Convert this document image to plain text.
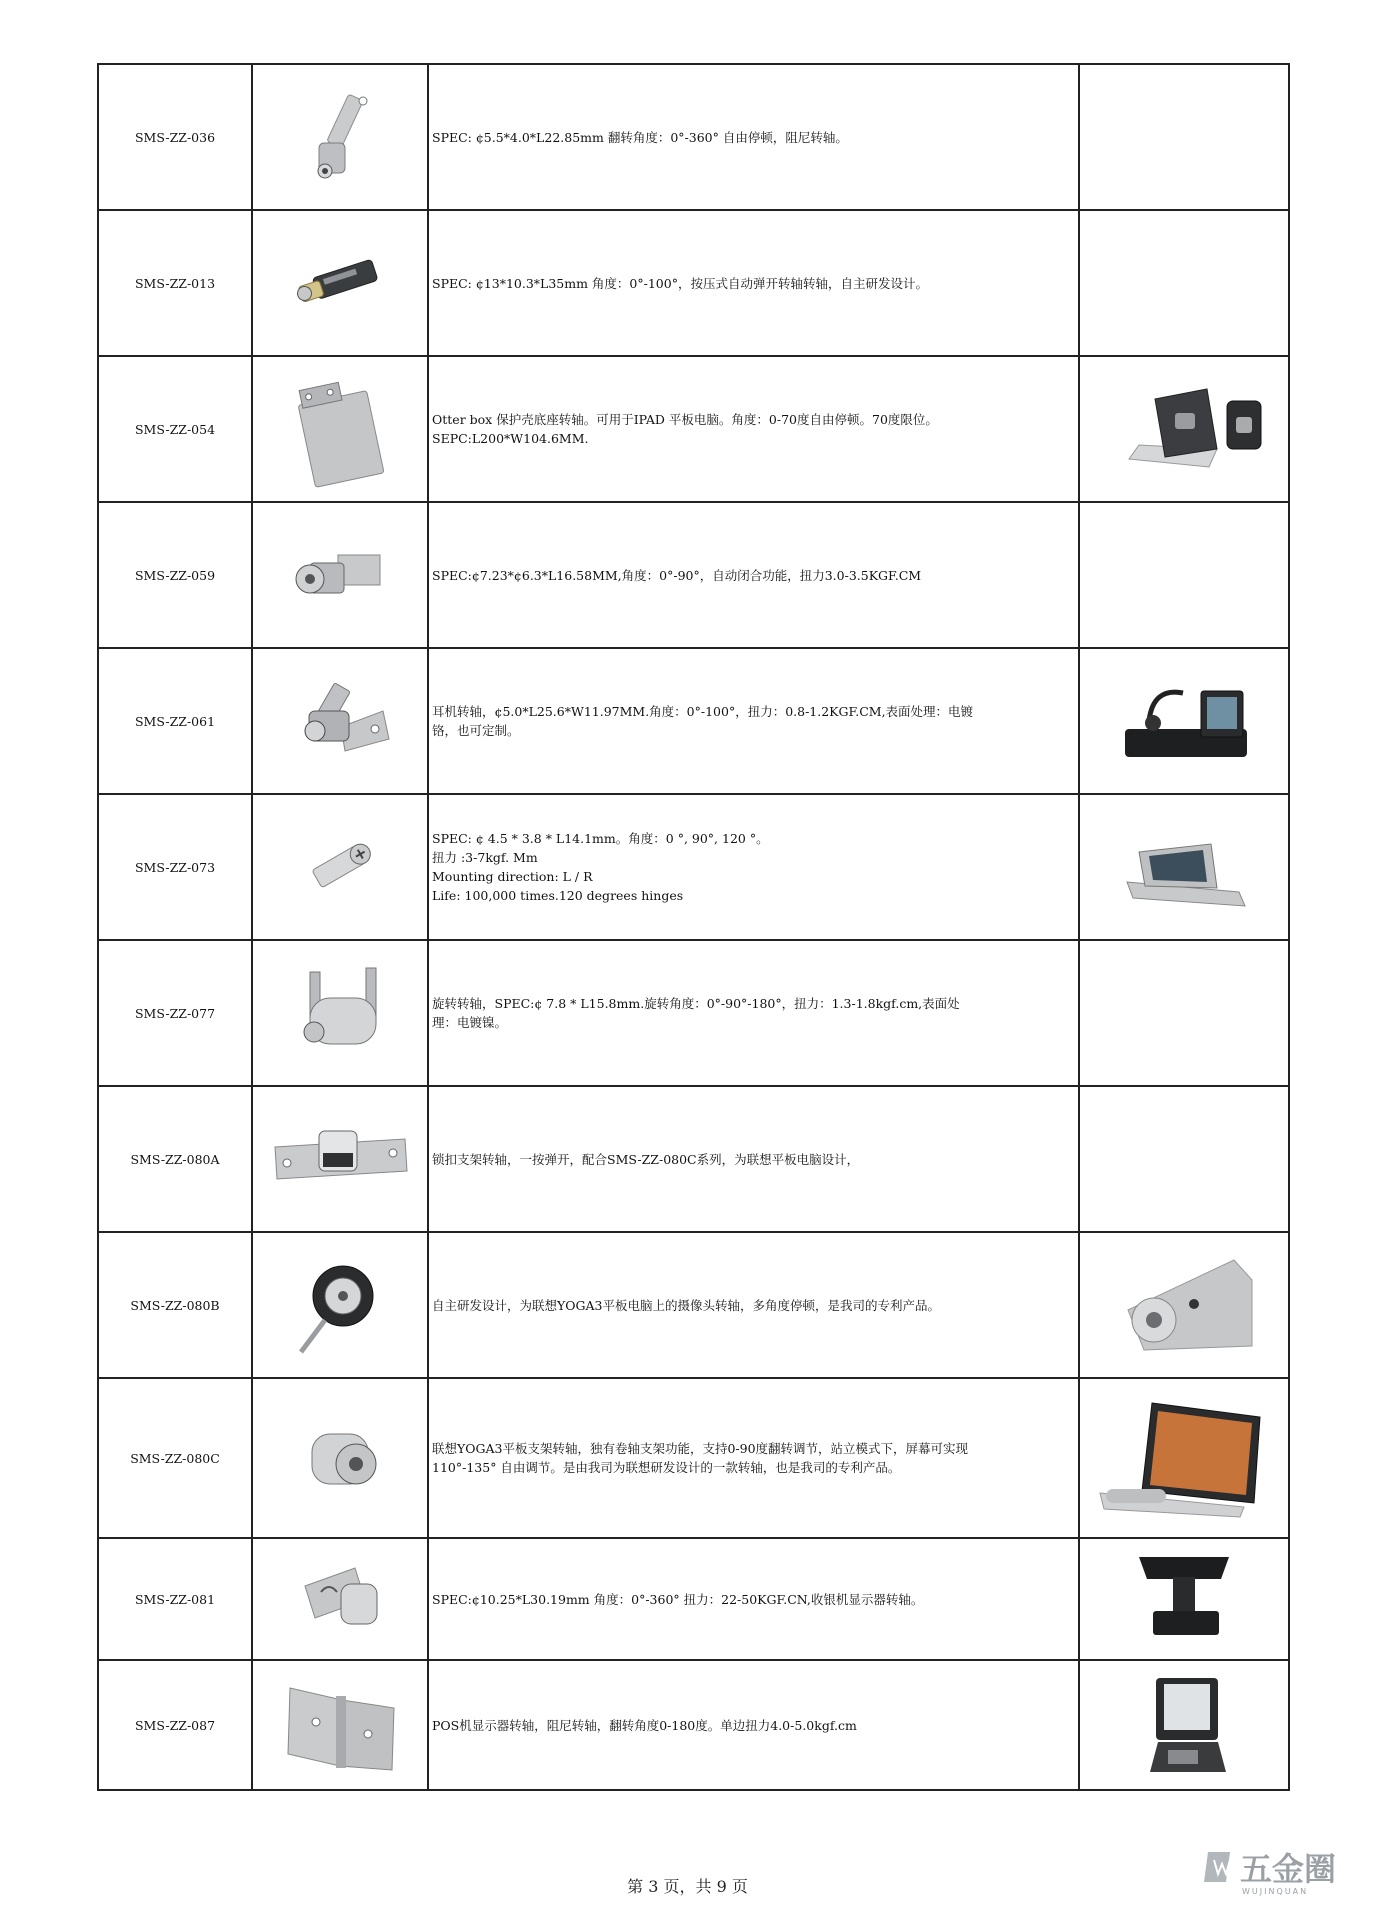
SMS-ZZ-036		SPEC: ¢5.5*4.0*L22.85mm 翻转角度：0°-360° 自由停顿，阻尼转轴。	

SMS-ZZ-013		SPEC: ¢13*10.3*L35mm 角度：0°-100°，按压式自动弹开转轴转轴，自主研发设计。	

SMS-ZZ-054		Otter box 保护壳底座转轴。可用于IPAD 平板电脑。角度：0-70度自由停顿。70度限位。
SEPC:L200*W104.6MM.

SMS-ZZ-059		SPEC:¢7.23*¢6.3*L16.58MM,角度：0°-90°，自动闭合功能，扭力3.0-3.5KGF.CM	

SMS-ZZ-061		耳机转轴，¢5.0*L25.6*W11.97MM.角度：0°-100°，扭力：0.8-1.2KGF.CM,表面处理：电镀
铬，也可定制。

SMS-ZZ-073		SPEC: ¢ 4.5 * 3.8 * L14.1mm。角度：0 °, 90°, 120 °。
扭力 :3-7kgf. Mm
Mounting direction: L / R
Life: 100,000 times.120 degrees hinges

SMS-ZZ-077		旋转转轴，SPEC:¢ 7.8 * L15.8mm.旋转角度：0°-90°-180°，扭力：1.3-1.8kgf.cm,表面处
理：电镀镍。	

SMS-ZZ-080A		锁扣支架转轴，一按弹开，配合SMS-ZZ-080C系列，为联想平板电脑设计，	

SMS-ZZ-080B		自主研发设计，为联想YOGA3平板电脑上的摄像头转轴，多角度停顿，是我司的专利产品。

SMS-ZZ-080C		联想YOGA3平板支架转轴，独有卷轴支架功能，支持0-90度翻转调节，站立模式下，屏幕可实现
110°-135° 自由调节。是由我司为联想研发设计的一款转轴，也是我司的专利产品。

SMS-ZZ-081		SPEC:¢10.25*L30.19mm 角度：0°-360° 扭力：22-50KGF.CN,收银机显示器转轴。

SMS-ZZ-087		POS机显示器转轴，阻尼转轴，翻转角度0-180度。单边扭力4.0-5.0kgf.cm

第 3 页，共 9 页	五金圈
WUJINQUAN
